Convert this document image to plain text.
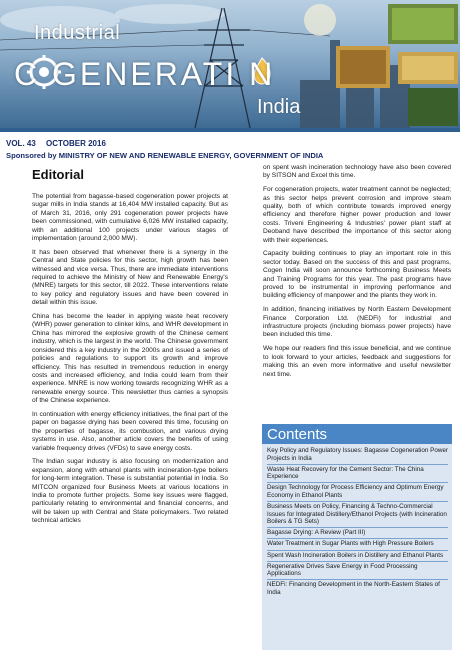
Industrial
C GENERATI N
India
VOL. 43 OCTOBER 2016
Sponsored by MINISTRY OF NEW AND RENEWABLE ENERGY, GOVERNMENT OF INDIA
Editorial

The potential from bagasse-based cogeneration power projects at sugar mills in India stands at 16,404 MW installed capacity. But as of March 31, 2016, only 291 cogeneration power projects have been commissioned, with cumulative 6,026 MW installed capacity, with an additional 100 projects under various stages of implementation (around 2,000 MW).

It has been observed that whenever there is a synergy in the Central and State policies for this sector, high growth has been witnessed and vice versa. Thus, there are immediate interventions required to achieve the Ministry of New and Renewable Energy's (MNRE) targets for this sector, till 2022. These interventions relate to key policy and regulatory issues and have been covered in detail within this issue.

China has become the leader in applying waste heat recovery (WHR) power generation to clinker kilns, and WHR development in China has mirrored the explosive growth of the Chinese cement industry, which is the largest in the world. The Chinese government considered this a key industry in the 2000s and issued a series of policies and regulations to support its growth and improve efficiency. This has resulted in tremendous reduction in energy costs and increased efficiency, and India could learn from their experience. MNRE is now working towards recognizing WHR as a renewable energy source. This newsletter thus carries a synopsis of the Chinese experience.

In continuation with energy efficiency initiatives, the final part of the paper on bagasse drying has been covered this time, focusing on the properties of bagasse, its combustion, and various drying systems in use. Also, another article covers the benefits of using variable frequency drives (VFDs) to save energy costs.

The Indian sugar industry is also focusing on modernization and expansion, along with ethanol plants with incineration-type boilers for long-term integration. These is substantial potential in India. So MITCON organized four Business Meets at various locations in India to promote further projects. Some key issues were flagged, particularly relating to environmental and financial concerns, and will be taken up with Central and State policymakers. Two related technical articles

on spent wash incineration technology have also been covered by SITSON and Excel this time.

For cogeneration projects, water treatment cannot be neglected; as this sector helps prevent corrosion and improve steam quality, both of which contribute towards improved energy efficiency and therefore higher power production and lower costs. Triveni Engineering & Industries' power plant staff at Deoband have described the importance of this sector along with their experiences.

Capacity building continues to play an important role in this sector today. Based on the success of this and past programs, Cogen India will soon announce forthcoming Business Meets and Training Programs for this year. The past programs have proved to be instrumental in improving performance and building efficiency of manpower and the plants they work in.

In addition, financing initiatives by North Eastern Development Finance Corporation Ltd. (NEDFi) for industrial and infrastructure projects (including biomass power projects) have been included this time.

We hope our readers find this issue beneficial, and we continue to look forward to your articles, feedback and suggestions for making this an even more informative and useful newsletter next time.

Contents
Key Policy and Regulatory Issues: Bagasse Cogeneration Power Projects in India
Waste Heat Recovery for the Cement Sector: The China Experience
Design Technology for Process Efficiency and Optimum Energy Economy in Ethanol Plants
Business Meets on Policy, Financing & Techno-Commercial Issues for Integrated Distillery/Ethanol Projects (with Incineration Boilers & TG Sets)
Bagasse Drying: A Review (Part III)
Water Treatment in Sugar Plants with High Pressure Boilers
Spent Wash Incineration Boilers in Distillery and Ethanol Plants
Regenerative Drives Save Energy in Food Processing Applications
NEDFi: Financing Development in the North-Eastern States of India
